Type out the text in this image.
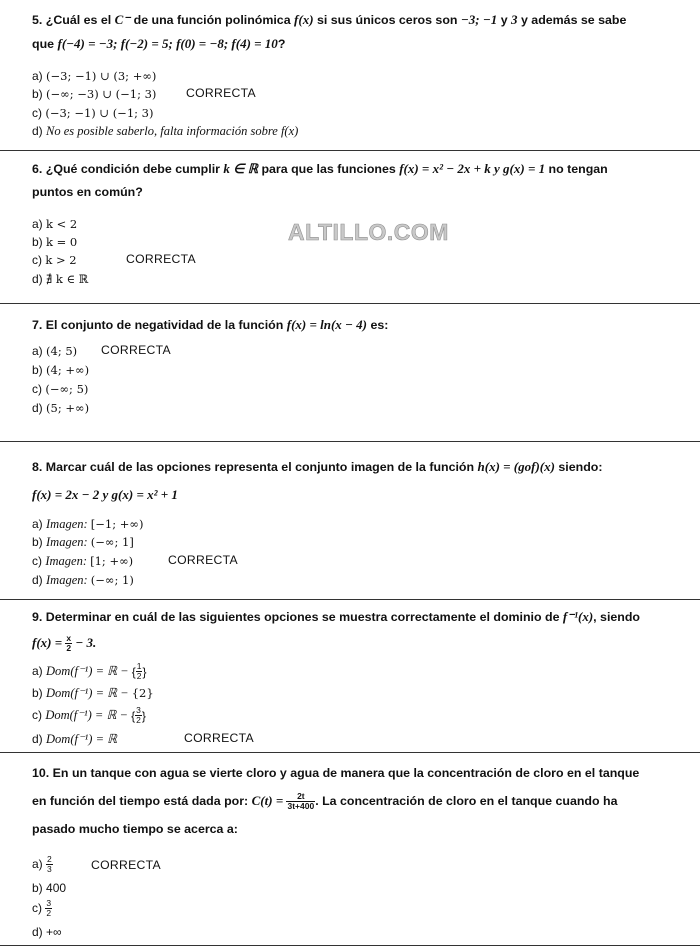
ALTILLO.COM
5. ¿Cuál es el C⁻ de una función polinómica f(x) si sus únicos ceros son −3; −1 y 3 y además se sabe
que f(−4) = −3; f(−2) = 5; f(0) = −8; f(4) = 10?
a) (−3; −1) ∪ (3; +∞)
b) (−∞; −3) ∪ (−1; 3) CORRECTA
c) (−3; −1) ∪ (−1; 3)
d) No es posible saberlo, falta información sobre f(x)
6. ¿Qué condición debe cumplir k ∈ ℝ para que las funciones f(x) = x² − 2x + k y g(x) = 1 no tengan
puntos en común?
a) k < 2
b) k = 0
c) k > 2	CORRECTA
d) ∄ k ∈ ℝ
7. El conjunto de negatividad de la función f(x) = ln(x − 4) es:
a) (4; 5) CORRECTA
b) (4; +∞)
c) (−∞; 5)
d) (5; +∞)
8. Marcar cuál de las opciones representa el conjunto imagen de la función h(x) = (gof)(x) siendo:
f(x) = 2x − 2 y g(x) = x² + 1
a) Imagen: [−1; +∞)
b) Imagen: (−∞; 1]
c) Imagen: [1; +∞)	CORRECTA
d) Imagen: (−∞; 1)
9. Determinar en cuál de las siguientes opciones se muestra correctamente el dominio de f⁻¹(x), siendo
$f(x) = \frac{x}{2} - 3$.
a) Dom(f⁻¹) = ℝ − { $\frac{1}{2}$ }
b) Dom(f⁻¹) = ℝ − {2}
c) Dom(f⁻¹) = ℝ − { $\frac{3}{2}$ }
d) Dom(f⁻¹) = ℝ	CORRECTA
10. En un tanque con agua se vierte cloro y agua de manera que la concentración de cloro en el tanque
en función del tiempo está dada por: $C(t) = \frac{2t}{3t+400}$ . La concentración de cloro en el tanque cuando ha
pasado mucho tiempo se acerca a:
$a) \frac{2}{3}$	CORRECTA
b) 400
$c) \frac{3}{2}$
d) +∞
